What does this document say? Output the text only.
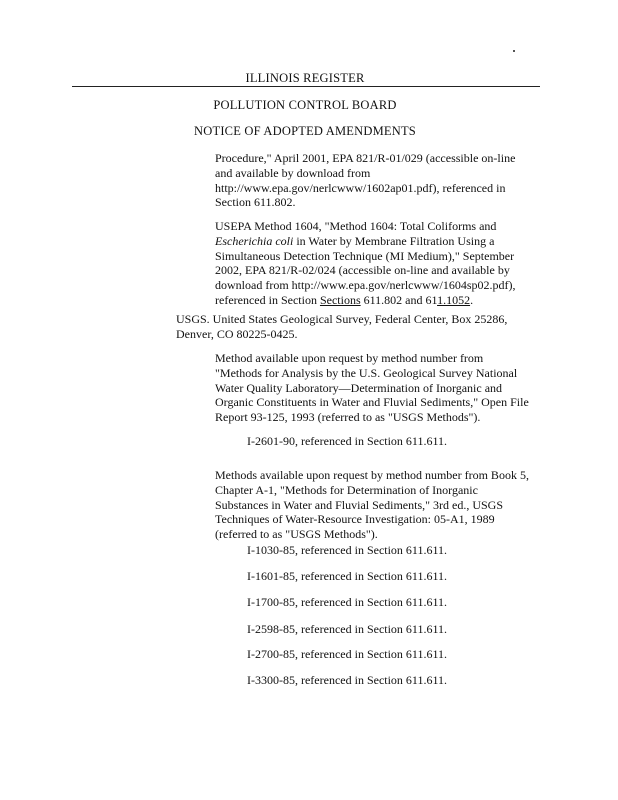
ILLINOIS REGISTER
POLLUTION CONTROL BOARD
NOTICE OF ADOPTED AMENDMENTS

Procedure," April 2001, EPA 821/R-01/029 (accessible on-line and available by download from http://www.epa.gov/nerlcwww/1602ap01.pdf), referenced in Section 611.802.

USEPA Method 1604, "Method 1604: Total Coliforms and Escherichia coli in Water by Membrane Filtration Using a Simultaneous Detection Technique (MI Medium)," September 2002, EPA 821/R-02/024 (accessible on-line and available by download from http://www.epa.gov/nerlcwww/1604sp02.pdf), referenced in Section Sections 611.802 and 611.1052.

USGS. United States Geological Survey, Federal Center, Box 25286, Denver, CO 80225-0425.

Method available upon request by method number from "Methods for Analysis by the U.S. Geological Survey National Water Quality Laboratory—Determination of Inorganic and Organic Constituents in Water and Fluvial Sediments," Open File Report 93-125, 1993 (referred to as "USGS Methods").

I-2601-90, referenced in Section 611.611.

Methods available upon request by method number from Book 5, Chapter A-1, "Methods for Determination of Inorganic Substances in Water and Fluvial Sediments," 3rd ed., USGS Techniques of Water-Resource Investigation: 05-A1, 1989 (referred to as "USGS Methods").

I-1030-85, referenced in Section 611.611.
I-1601-85, referenced in Section 611.611.
I-1700-85, referenced in Section 611.611.
I-2598-85, referenced in Section 611.611.
I-2700-85, referenced in Section 611.611.
I-3300-85, referenced in Section 611.611.
